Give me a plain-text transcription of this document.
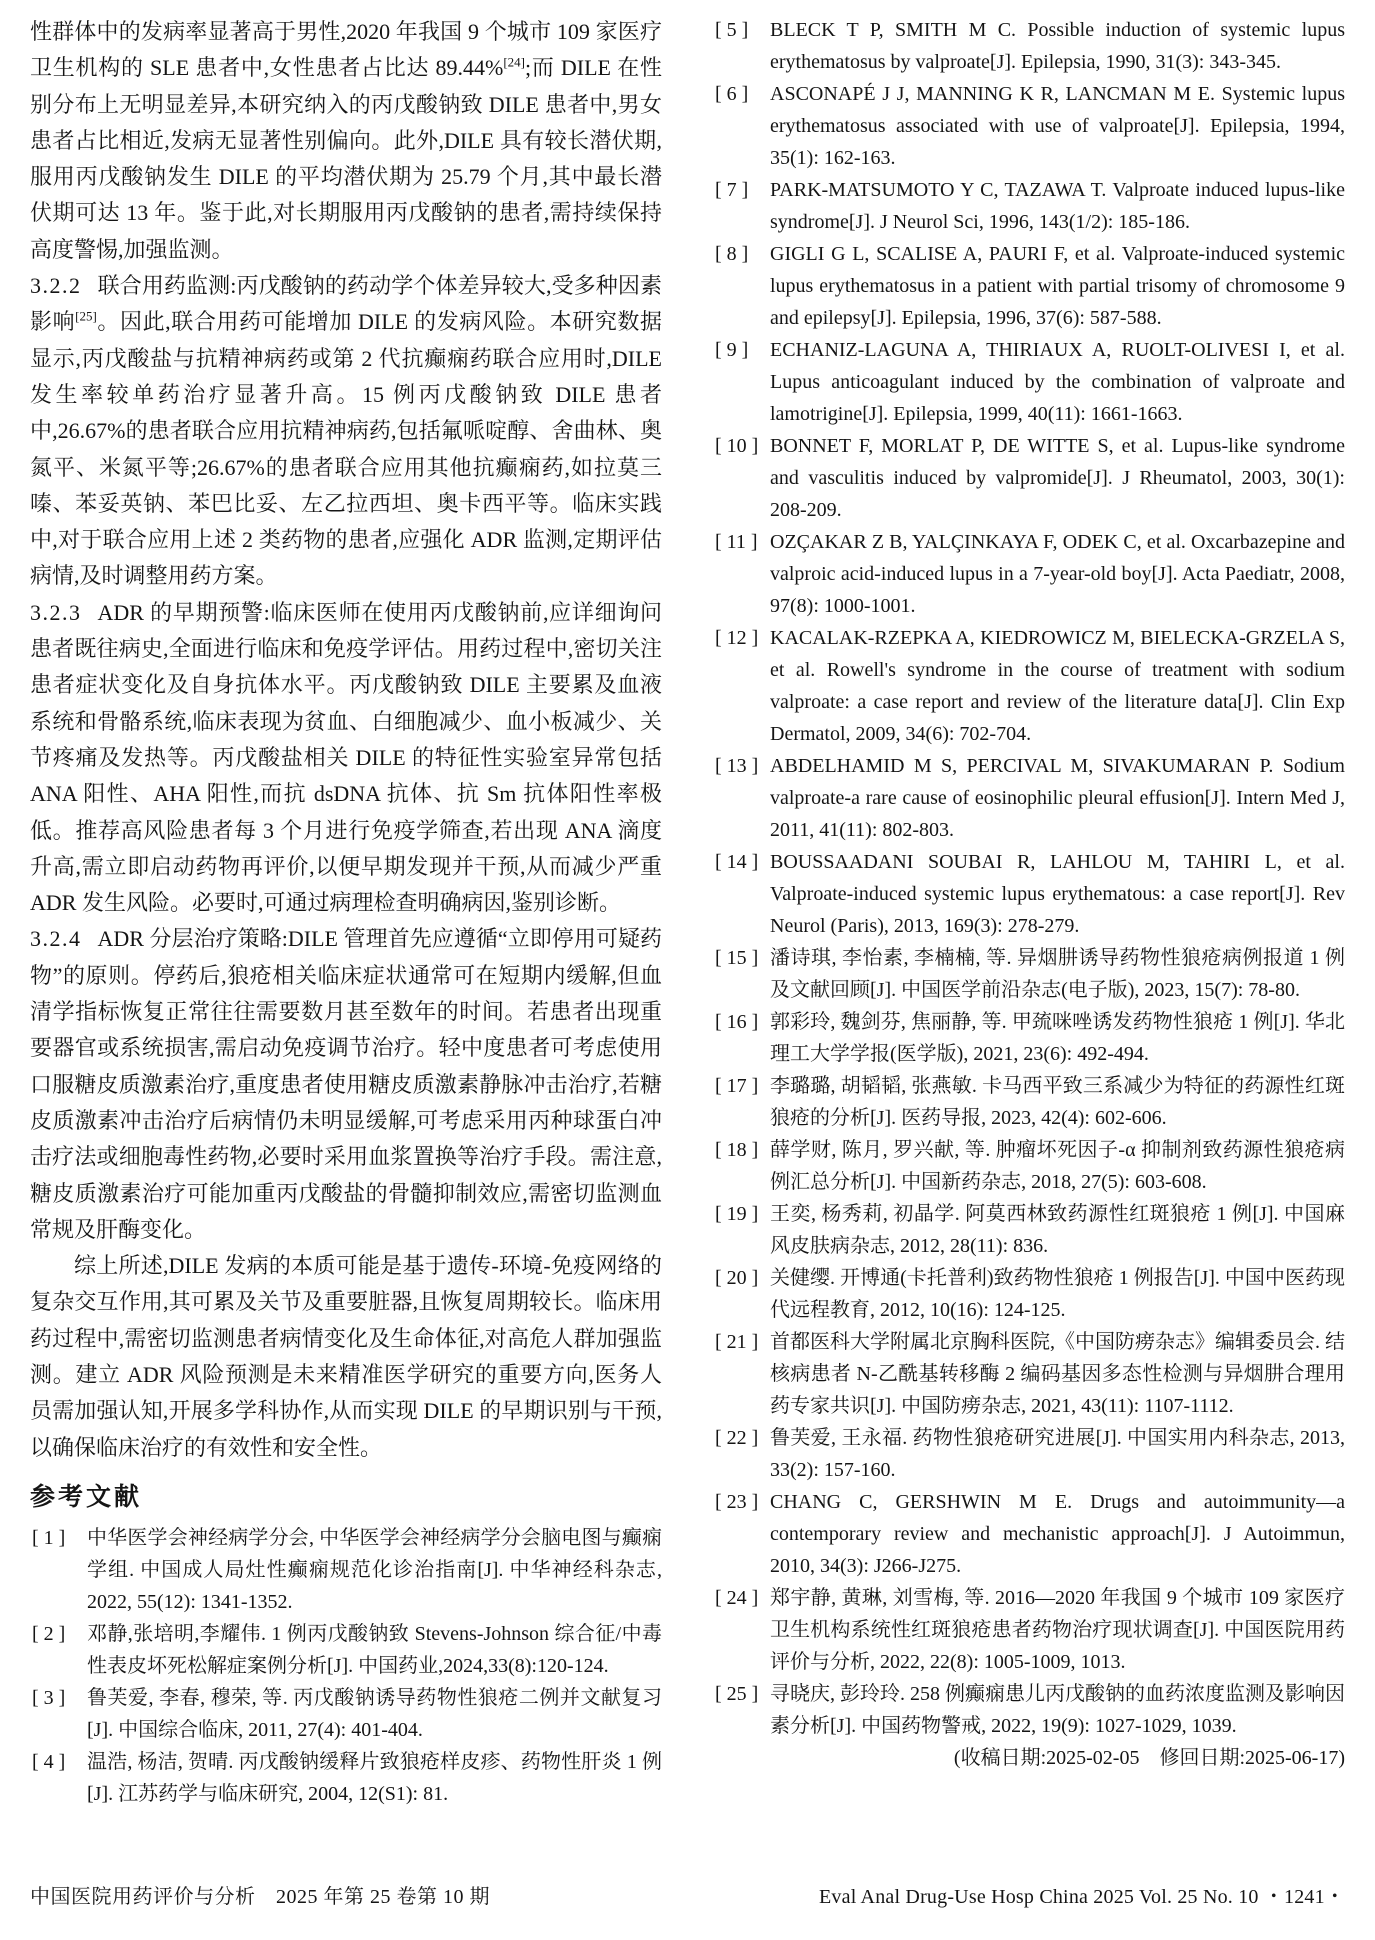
性群体中的发病率显著高于男性,2020 年我国 9 个城市 109 家医疗卫生机构的 SLE 患者中,女性患者占比达 89.44%[24];而 DILE 在性别分布上无明显差异,本研究纳入的丙戊酸钠致 DILE 患者中,男女患者占比相近,发病无显著性别偏向。此外,DILE 具有较长潜伏期,服用丙戊酸钠发生 DILE 的平均潜伏期为 25.79 个月,其中最长潜伏期可达 13 年。鉴于此,对长期服用丙戊酸钠的患者,需持续保持高度警惕,加强监测。

3.2.2 联合用药监测:丙戊酸钠的药动学个体差异较大,受多种因素影响[25]。因此,联合用药可能增加 DILE 的发病风险。本研究数据显示,丙戊酸盐与抗精神病药或第 2 代抗癫痫药联合应用时,DILE 发生率较单药治疗显著升高。15 例丙戊酸钠致 DILE 患者中,26.67%的患者联合应用抗精神病药,包括氟哌啶醇、舍曲林、奥氮平、米氮平等;26.67%的患者联合应用其他抗癫痫药,如拉莫三嗪、苯妥英钠、苯巴比妥、左乙拉西坦、奥卡西平等。临床实践中,对于联合应用上述 2 类药物的患者,应强化 ADR 监测,定期评估病情,及时调整用药方案。

3.2.3 ADR 的早期预警:临床医师在使用丙戊酸钠前,应详细询问患者既往病史,全面进行临床和免疫学评估。用药过程中,密切关注患者症状变化及自身抗体水平。丙戊酸钠致 DILE 主要累及血液系统和骨骼系统,临床表现为贫血、白细胞减少、血小板减少、关节疼痛及发热等。丙戊酸盐相关 DILE 的特征性实验室异常包括 ANA 阳性、AHA 阳性,而抗 dsDNA 抗体、抗 Sm 抗体阳性率极低。推荐高风险患者每 3 个月进行免疫学筛查,若出现 ANA 滴度升高,需立即启动药物再评价,以便早期发现并干预,从而减少严重 ADR 发生风险。必要时,可通过病理检查明确病因,鉴别诊断。

3.2.4 ADR 分层治疗策略:DILE 管理首先应遵循“立即停用可疑药物”的原则。停药后,狼疮相关临床症状通常可在短期内缓解,但血清学指标恢复正常往往需要数月甚至数年的时间。若患者出现重要器官或系统损害,需启动免疫调节治疗。轻中度患者可考虑使用口服糖皮质激素治疗,重度患者使用糖皮质激素静脉冲击治疗,若糖皮质激素冲击治疗后病情仍未明显缓解,可考虑采用丙种球蛋白冲击疗法或细胞毒性药物,必要时采用血浆置换等治疗手段。需注意,糖皮质激素治疗可能加重丙戊酸盐的骨髓抑制效应,需密切监测血常规及肝酶变化。

综上所述,DILE 发病的本质可能是基于遗传-环境-免疫网络的复杂交互作用,其可累及关节及重要脏器,且恢复周期较长。临床用药过程中,需密切监测患者病情变化及生命体征,对高危人群加强监测。建立 ADR 风险预测是未来精准医学研究的重要方向,医务人员需加强认知,开展多学科协作,从而实现 DILE 的早期识别与干预,以确保临床治疗的有效性和安全性。

参考文献

[ 1 ] 中华医学会神经病学分会, 中华医学会神经病学分会脑电图与癫痫学组. 中国成人局灶性癫痫规范化诊治指南[J]. 中华神经科杂志, 2022, 55(12): 1341-1352.

[ 2 ] 邓静,张培明,李耀伟. 1 例丙戊酸钠致 Stevens-Johnson 综合征/中毒性表皮坏死松解症案例分析[J]. 中国药业,2024,33(8):120-124.

[ 3 ] 鲁芙爱, 李春, 穆荣, 等. 丙戊酸钠诱导药物性狼疮二例并文献复习[J]. 中国综合临床, 2011, 27(4): 401-404.

[ 4 ] 温浩, 杨洁, 贺晴. 丙戊酸钠缓释片致狼疮样皮疹、药物性肝炎 1 例[J]. 江苏药学与临床研究, 2004, 12(S1): 81.

[ 5 ] BLECK T P, SMITH M C. Possible induction of systemic lupus erythematosus by valproate[J]. Epilepsia, 1990, 31(3): 343-345.

[ 6 ] ASCONAPÉ J J, MANNING K R, LANCMAN M E. Systemic lupus erythematosus associated with use of valproate[J]. Epilepsia, 1994, 35(1): 162-163.

[ 7 ] PARK-MATSUMOTO Y C, TAZAWA T. Valproate induced lupus-like syndrome[J]. J Neurol Sci, 1996, 143(1/2): 185-186.

[ 8 ] GIGLI G L, SCALISE A, PAURI F, et al. Valproate-induced systemic lupus erythematosus in a patient with partial trisomy of chromosome 9 and epilepsy[J]. Epilepsia, 1996, 37(6): 587-588.

[ 9 ] ECHANIZ-LAGUNA A, THIRIAUX A, RUOLT-OLIVESI I, et al. Lupus anticoagulant induced by the combination of valproate and lamotrigine[J]. Epilepsia, 1999, 40(11): 1661-1663.

[ 10 ] BONNET F, MORLAT P, DE WITTE S, et al. Lupus-like syndrome and vasculitis induced by valpromide[J]. J Rheumatol, 2003, 30(1): 208-209.

[ 11 ] OZÇAKAR Z B, YALÇINKAYA F, ODEK C, et al. Oxcarbazepine and valproic acid-induced lupus in a 7-year-old boy[J]. Acta Paediatr, 2008, 97(8): 1000-1001.

[ 12 ] KACALAK-RZEPKA A, KIEDROWICZ M, BIELECKA-GRZELA S, et al. Rowell's syndrome in the course of treatment with sodium valproate: a case report and review of the literature data[J]. Clin Exp Dermatol, 2009, 34(6): 702-704.

[ 13 ] ABDELHAMID M S, PERCIVAL M, SIVAKUMARAN P. Sodium valproate-a rare cause of eosinophilic pleural effusion[J]. Intern Med J, 2011, 41(11): 802-803.

[ 14 ] BOUSSAADANI SOUBAI R, LAHLOU M, TAHIRI L, et al. Valproate-induced systemic lupus erythematous: a case report[J]. Rev Neurol (Paris), 2013, 169(3): 278-279.

[ 15 ] 潘诗琪, 李怡素, 李楠楠, 等. 异烟肼诱导药物性狼疮病例报道 1 例及文献回顾[J]. 中国医学前沿杂志(电子版), 2023, 15(7): 78-80.

[ 16 ] 郭彩玲, 魏剑芬, 焦丽静, 等. 甲巯咪唑诱发药物性狼疮 1 例[J]. 华北理工大学学报(医学版), 2021, 23(6): 492-494.

[ 17 ] 李璐璐, 胡韬韬, 张燕敏. 卡马西平致三系减少为特征的药源性红斑狼疮的分析[J]. 医药导报, 2023, 42(4): 602-606.

[ 18 ] 薛学财, 陈月, 罗兴献, 等. 肿瘤坏死因子-α 抑制剂致药源性狼疮病例汇总分析[J]. 中国新药杂志, 2018, 27(5): 603-608.

[ 19 ] 王奕, 杨秀莉, 初晶学. 阿莫西林致药源性红斑狼疮 1 例[J]. 中国麻风皮肤病杂志, 2012, 28(11): 836.

[ 20 ] 关健缨. 开博通(卡托普利)致药物性狼疮 1 例报告[J]. 中国中医药现代远程教育, 2012, 10(16): 124-125.

[ 21 ] 首都医科大学附属北京胸科医院,《中国防痨杂志》编辑委员会. 结核病患者 N-乙酰基转移酶 2 编码基因多态性检测与异烟肼合理用药专家共识[J]. 中国防痨杂志, 2021, 43(11): 1107-1112.

[ 22 ] 鲁芙爱, 王永福. 药物性狼疮研究进展[J]. 中国实用内科杂志, 2013, 33(2): 157-160.

[ 23 ] CHANG C, GERSHWIN M E. Drugs and autoimmunity—a contemporary review and mechanistic approach[J]. J Autoimmun, 2010, 34(3): J266-J275.

[ 24 ] 郑宇静, 黄琳, 刘雪梅, 等. 2016—2020 年我国 9 个城市 109 家医疗卫生机构系统性红斑狼疮患者药物治疗现状调查[J]. 中国医院用药评价与分析, 2022, 22(8): 1005-1009, 1013.

[ 25 ] 寻晓庆, 彭玲玲. 258 例癫痫患儿丙戊酸钠的血药浓度监测及影响因素分析[J]. 中国药物警戒, 2022, 19(9): 1027-1029, 1039.

(收稿日期:2025-02-05　修回日期:2025-06-17)

中国医院用药评价与分析　2025 年第 25 卷第 10 期	Eval Anal Drug-Use Hosp China 2025 Vol. 25 No. 10 ・1241・
